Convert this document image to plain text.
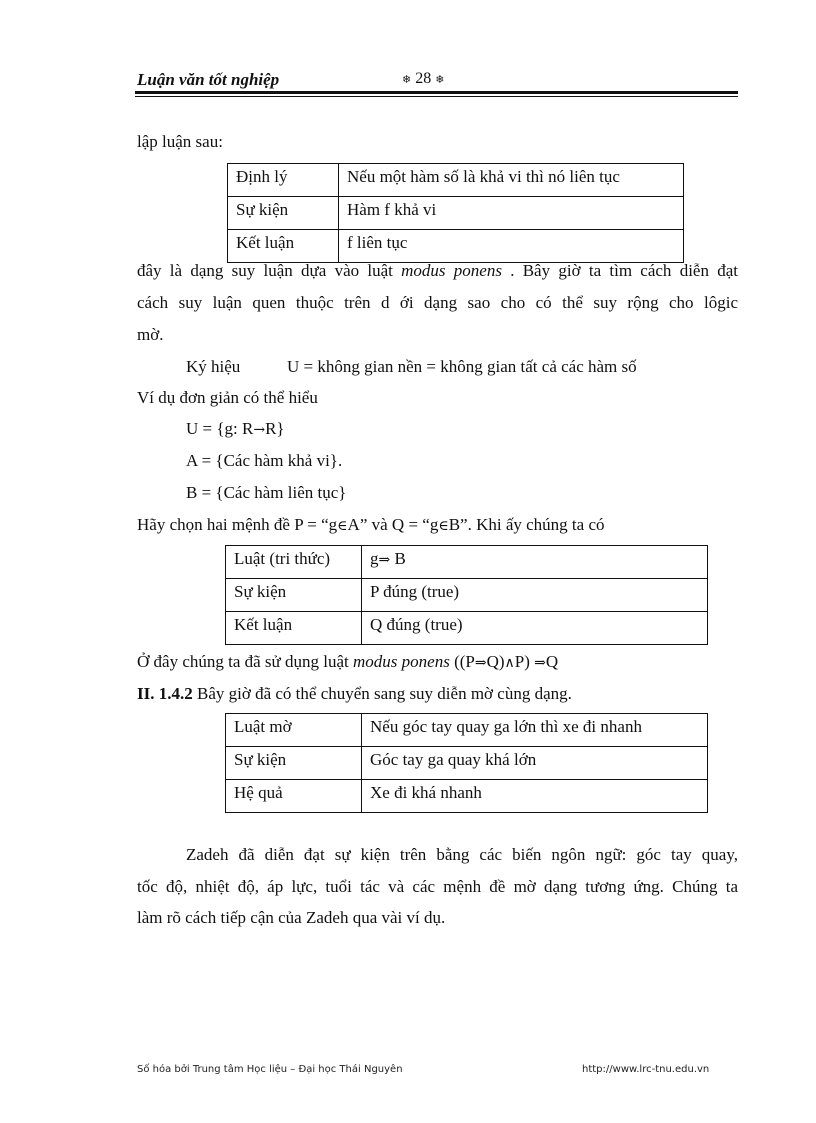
Luận văn tốt nghiệp	❄ 28 ❄
lập luận sau:
Định lý	Nếu một hàm số là khả vi thì nó liên tục
Sự kiện	Hàm f khả vi
Kết luận	f liên tục
đây là dạng suy luận dựa vào luật modus ponens . Bây giờ ta tìm cách diễn đạt
cách suy luận quen thuộc trên d ới dạng sao cho có thể suy rộng cho lôgic
mờ.
Ký hiệu	U = không gian nền = không gian tất cả các hàm số
Ví dụ đơn giản có thể hiểu
U = {g: R→R}
A = {Các hàm khả vi}.
B = {Các hàm liên tục}
Hãy chọn hai mệnh đề P = “g∈A” và Q = “g∈B”. Khi ấy chúng ta có
Luật (tri thức)	g⇒ B
Sự kiện	P đúng (true)
Kết luận	Q đúng (true)
Ở đây chúng ta đã sử dụng luật modus ponens ((P⇒Q)∧P) ⇒Q
II. 1.4.2 Bây giờ đã có thể chuyển sang suy diễn mờ cùng dạng.
Luật mờ	Nếu góc tay quay ga lớn thì xe đi nhanh
Sự kiện	Góc tay ga quay khá lớn
Hệ quả	Xe đi khá nhanh
Zadeh đã diễn đạt sự kiện trên bằng các biến ngôn ngữ: góc tay quay,
tốc độ, nhiệt độ, áp lực, tuổi tác và các mệnh đề mờ dạng tương ứng. Chúng ta
làm rõ cách tiếp cận của Zadeh qua vài ví dụ.
Số hóa bởi Trung tâm Học liệu – Đại học Thái Nguyên	http://www.lrc-tnu.edu.vn
